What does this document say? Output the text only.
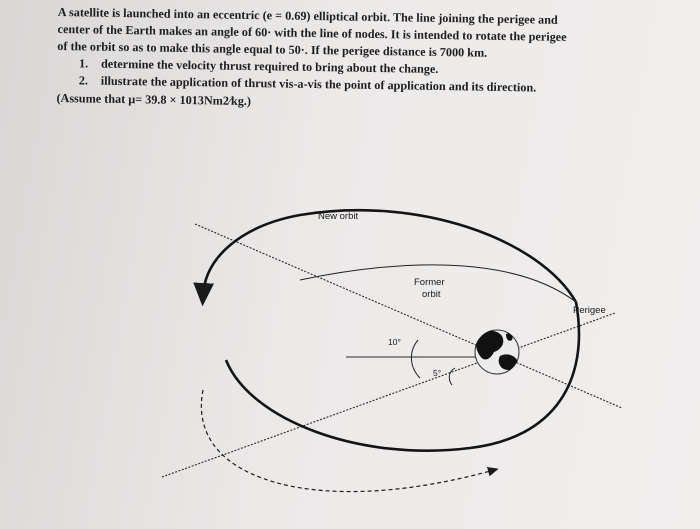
A satellite is launched into an eccentric (e = 0.69) elliptical orbit. The line joining the perigee and

center of the Earth makes an angle of 60· with the line of nodes. It is intended to rotate the perigee

of the orbit so as to make this angle equal to 50·. If the perigee distance is 7000 km.

1. determine the velocity thrust required to bring about the change.

2. illustrate the application of thrust vis-a-vis the point of application and its direction.

(Assume that μ= 39.8 × 1013Nm2⁄kg.)

New orbit
Former
orbit
Perigee
10°
5°
